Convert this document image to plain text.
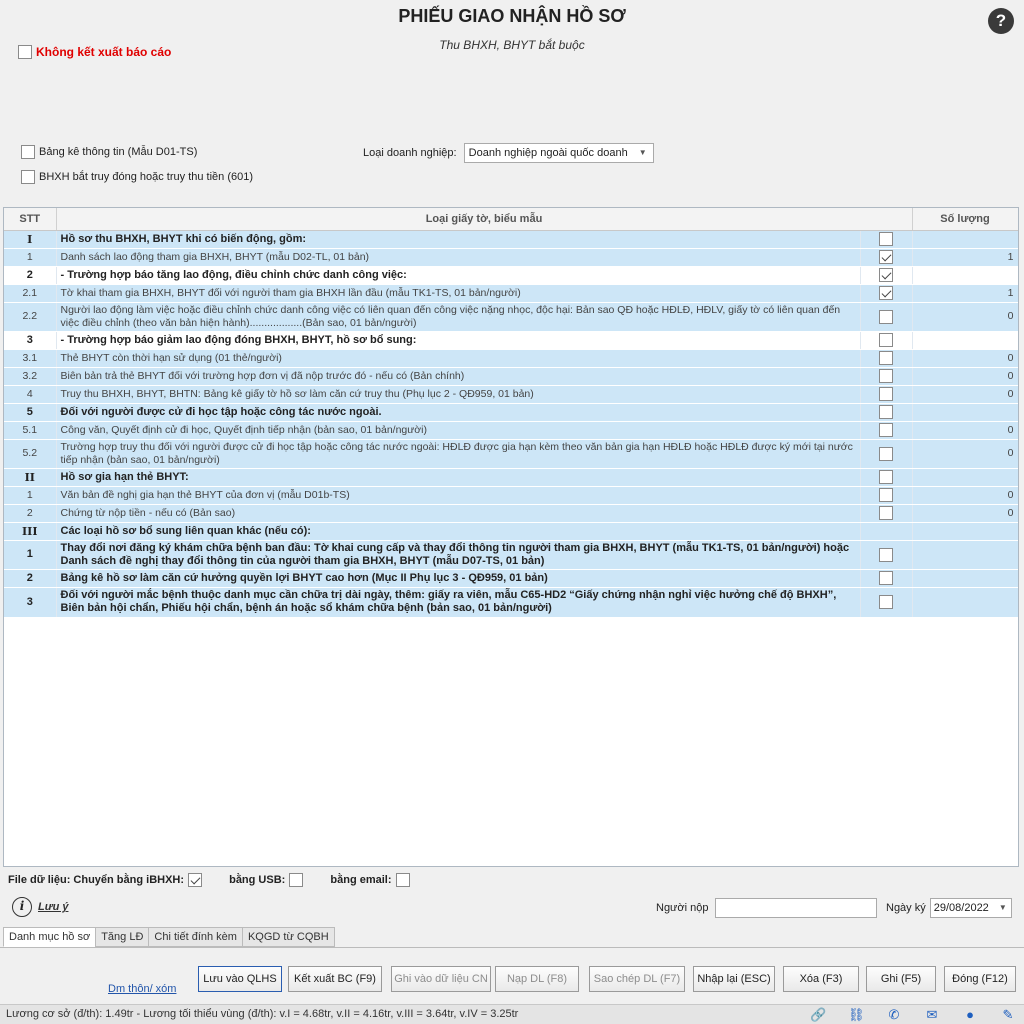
PHIẾU GIAO NHẬN HỒ SƠ
Thu BHXH, BHYT bắt buộc
?
Không kết xuất báo cáo
Bảng kê thông tin (Mẫu D01-TS)
BHXH bắt truy đóng hoặc truy thu tiền (601)
Loại doanh nghiệp: Doanh nghiệp ngoài quốc doanh ▼
STT	Loại giấy tờ, biểu mẫu		Số lượng
I	Hồ sơ thu BHXH, BHYT khi có biến động, gồm:		
1	Danh sách lao động tham gia BHXH, BHYT (mẫu D02-TL, 01 bản)		1
2	- Trường hợp báo tăng lao động, điều chỉnh chức danh công việc:		
2.1	Tờ khai tham gia BHXH, BHYT đối với người tham gia BHXH lần đầu (mẫu TK1-TS, 01 bản/người)		1
2.2	Người lao động làm việc hoặc điều chỉnh chức danh công việc có liên quan đến công việc nặng nhọc, độc hại: Bản sao QĐ hoặc HĐLĐ, HĐLV, giấy tờ có liên quan đến việc điều chỉnh (theo văn bản hiện hành)..................(Bản sao, 01 bản/người)		0
3	- Trường hợp báo giảm lao động đóng BHXH, BHYT, hồ sơ bổ sung:		
3.1	Thẻ BHYT còn thời hạn sử dụng (01 thẻ/người)		0
3.2	Biên bản trả thẻ BHYT đối với trường hợp đơn vị đã nộp trước đó - nếu có (Bản chính)		0
4	Truy thu BHXH, BHYT, BHTN: Bảng kê giấy tờ hồ sơ làm căn cứ truy thu (Phụ lục 2 - QĐ959, 01 bản)		0
5	Đối với người được cử đi học tập hoặc công tác nước ngoài.		
5.1	Công văn, Quyết định cử đi học, Quyết định tiếp nhận (bản sao, 01 bản/người)		0
5.2	Trường hợp truy thu đối với người được cử đi học tập hoặc công tác nước ngoài: HĐLĐ được gia hạn kèm theo văn bản gia hạn HĐLĐ hoặc HĐLĐ được ký mới tại nước tiếp nhận (bản sao, 01 bản/người)		0
II	Hồ sơ gia hạn thẻ BHYT:		
1	Văn bản đề nghị gia hạn thẻ BHYT của đơn vị (mẫu D01b-TS)		0
2	Chứng từ nộp tiền - nếu có (Bản sao)		0
III	Các loại hồ sơ bổ sung liên quan khác (nếu có):		
1	Thay đổi nơi đăng ký khám chữa bệnh ban đầu: Tờ khai cung cấp và thay đổi thông tin người tham gia BHXH, BHYT (mẫu TK1-TS, 01 bản/người) hoặc Danh sách đề nghị thay đổi thông tin của người tham gia BHXH, BHYT (mẫu D07-TS, 01 bản)		
2	Bảng kê hồ sơ làm căn cứ hưởng quyền lợi BHYT cao hơn (Mục II Phụ lục 3 - QĐ959, 01 bản)		
3	Đối với người mắc bệnh thuộc danh mục cần chữa trị dài ngày, thêm: giấy ra viên, mẫu C65-HD2 “Giấy chứng nhận nghỉ việc hưởng chế độ BHXH”, Biên bản hội chẩn, Phiếu hội chẩn, bệnh án hoặc sổ khám chữa bệnh (bản sao, 01 bản/người)		
File dữ liệu: Chuyển bằng iBHXH:	bằng USB:	bằng email:
i Lưu ý	Người nộp	Ngày ký 29/08/2022 ▼
Danh mục hồ sơ Tăng LĐ Chi tiết đính kèm KQGD từ CQBH
Dm thôn/ xóm
Lưu vào QLHS	Kết xuất BC (F9)	Ghi vào dữ liệu CN	Nạp DL (F8)	Sao chép DL (F7)	Nhập lại (ESC)	Xóa (F3)	Ghi (F5)	Đóng (F12)
Lương cơ sở (đ/th): 1.49tr - Lương tối thiểu vùng (đ/th): v.I = 4.68tr, v.II = 4.16tr, v.III = 3.64tr, v.IV = 3.25tr	🔗 ⛓ ✆ ✉ ● ✎
